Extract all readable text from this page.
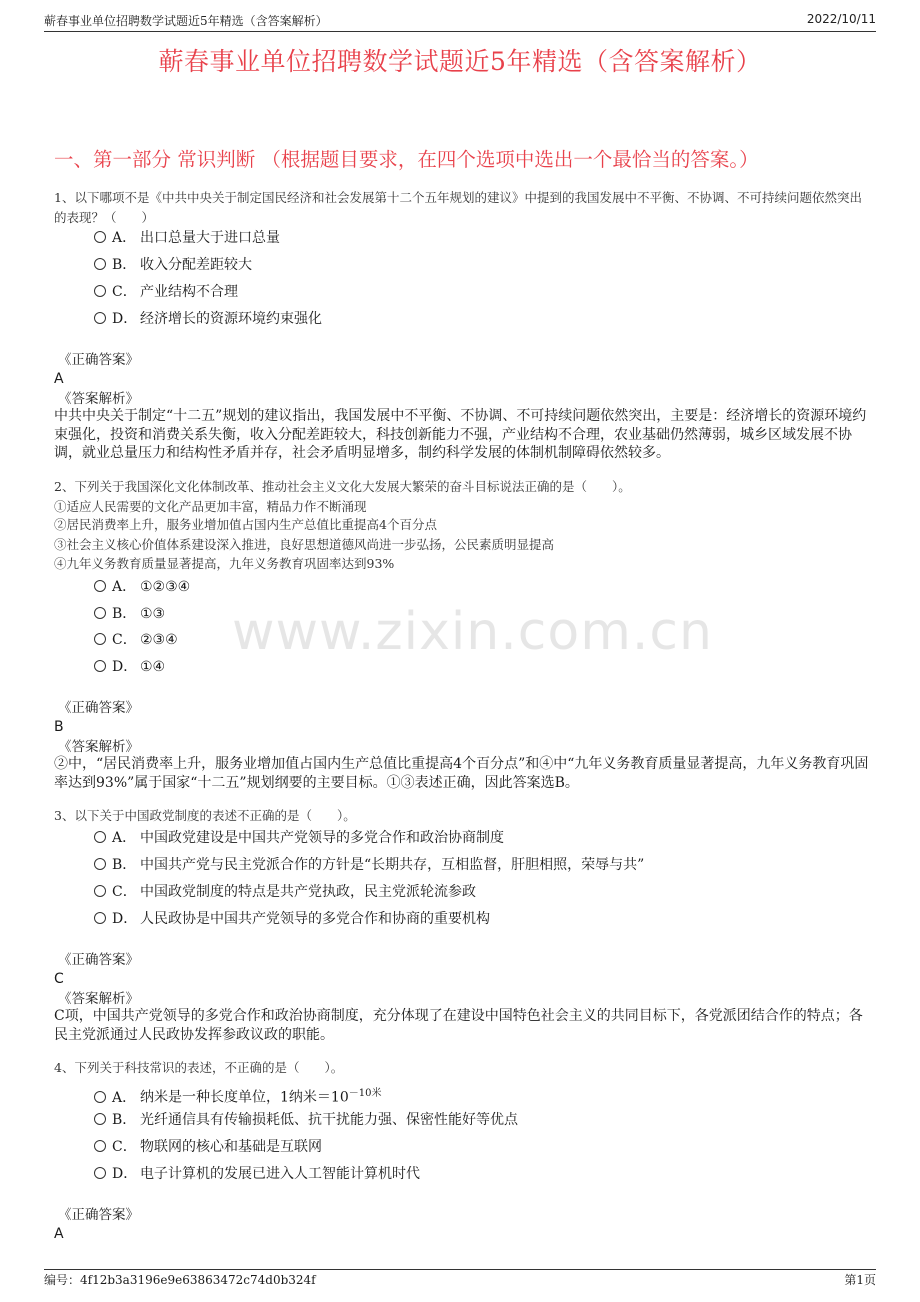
蕲春事业单位招聘数学试题近5年精选（含答案解析）	2022/10/11
蕲春事业单位招聘数学试题近5年精选（含答案解析）
一、第一部分 常识判断 （根据题目要求，在四个选项中选出一个最恰当的答案。）
www.zixin.com.cn
1、以下哪项不是《中共中央关于制定国民经济和社会发展第十二个五年规划的建议》中提到的我国发展中不平衡、不协调、不可持续问题依然突出的表现？（　　）
A． 出口总量大于进口总量
B． 收入分配差距较大
C． 产业结构不合理
D． 经济增长的资源环境约束强化
《正确答案》
A
《答案解析》
中共中央关于制定“十二五”规划的建议指出，我国发展中不平衡、不协调、不可持续问题依然突出，主要是：经济增长的资源环境约束强化，投资和消费关系失衡，收入分配差距较大，科技创新能力不强，产业结构不合理，农业基础仍然薄弱，城乡区域发展不协调，就业总量压力和结构性矛盾并存，社会矛盾明显增多，制约科学发展的体制机制障碍依然较多。
2、下列关于我国深化文化体制改革、推动社会主义文化大发展大繁荣的奋斗目标说法正确的是（　　）。
①适应人民需要的文化产品更加丰富，精品力作不断涌现
②居民消费率上升，服务业增加值占国内生产总值比重提高4个百分点
③社会主义核心价值体系建设深入推进，良好思想道德风尚进一步弘扬，公民素质明显提高
④九年义务教育质量显著提高，九年义务教育巩固率达到93%
A． ①②③④
B． ①③
C． ②③④
D． ①④
《正确答案》
B
《答案解析》
②中，“居民消费率上升，服务业增加值占国内生产总值比重提高4个百分点”和④中“九年义务教育质量显著提高，九年义务教育巩固率达到93%”属于国家“十二五”规划纲要的主要目标。①③表述正确，因此答案选B。
3、以下关于中国政党制度的表述不正确的是（　　）。
A． 中国政党建设是中国共产党领导的多党合作和政治协商制度
B． 中国共产党与民主党派合作的方针是“长期共存，互相监督，肝胆相照，荣辱与共”
C． 中国政党制度的特点是共产党执政，民主党派轮流参政
D． 人民政协是中国共产党领导的多党合作和协商的重要机构
《正确答案》
C
《答案解析》
C项，中国共产党领导的多党合作和政治协商制度，充分体现了在建设中国特色社会主义的共同目标下，各党派团结合作的特点；各民主党派通过人民政协发挥参政议政的职能。
4、下列关于科技常识的表述，不正确的是（　　）。
A． 纳米是一种长度单位，1纳米$=10^{-10米}$
B． 光纤通信具有传输损耗低、抗干扰能力强、保密性能好等优点
C． 物联网的核心和基础是互联网
D． 电子计算机的发展已进入人工智能计算机时代
《正确答案》
A
编号：4f12b3a3196e9e63863472c74d0b324f	第1页
